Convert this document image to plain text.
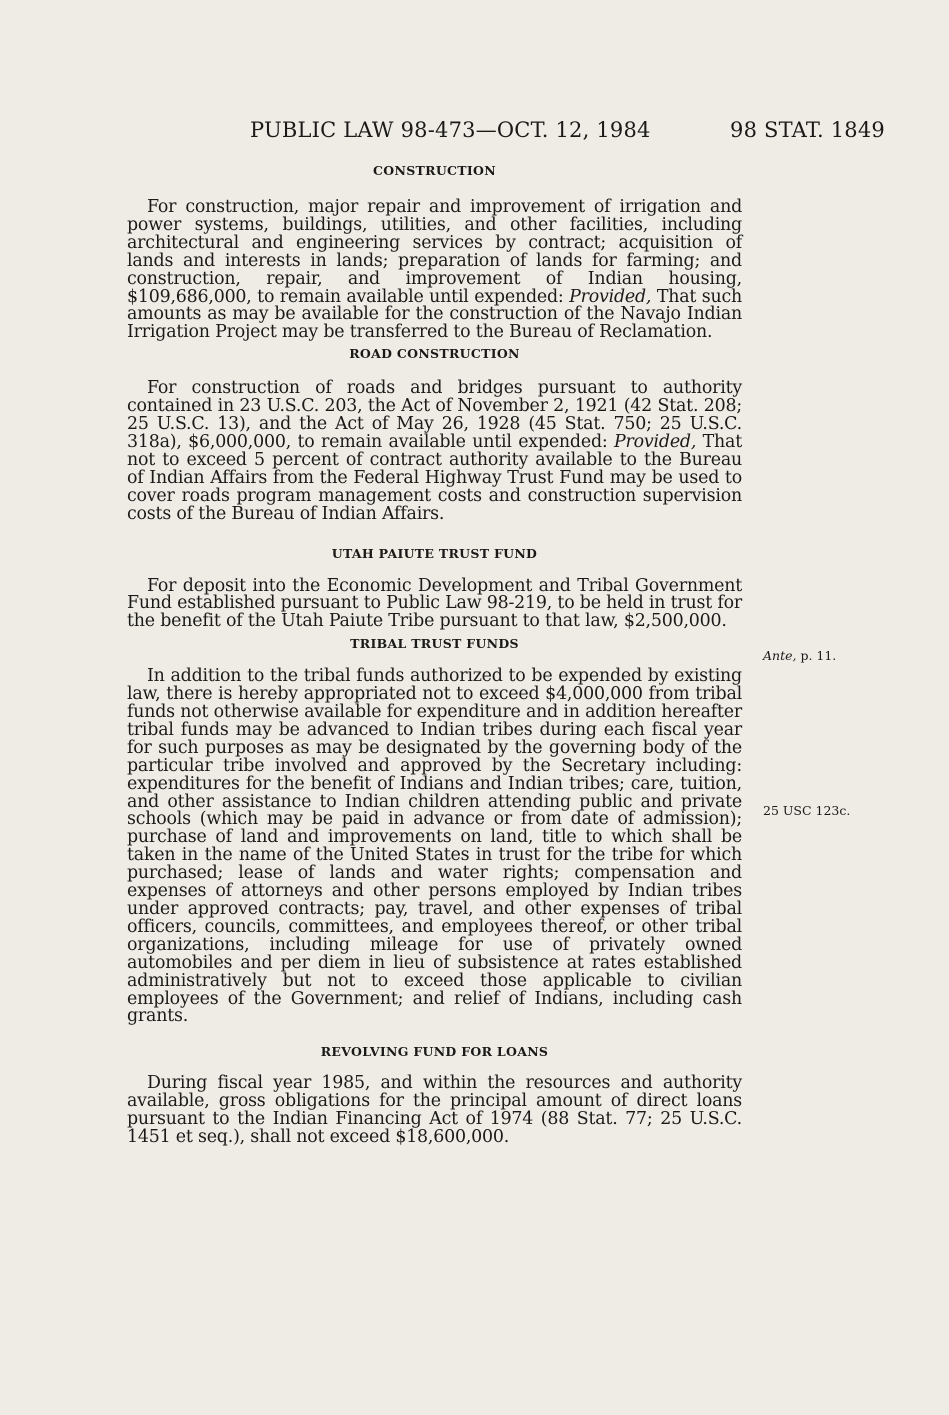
PUBLIC LAW 98-473—OCT. 12, 1984	98 STAT. 1849
CONSTRUCTION

For construction, major repair and improvement of irrigation and power systems, buildings, utilities, and other facilities, including architectural and engineering services by contract; acquisition of lands and interests in lands; preparation of lands for farming; and construction, repair, and improvement of Indian housing, $109,686,000, to remain available until expended: Provided, That such amounts as may be available for the construction of the Navajo Indian Irrigation Project may be transferred to the Bureau of Reclamation.

ROAD CONSTRUCTION

For construction of roads and bridges pursuant to authority contained in 23 U.S.C. 203, the Act of November 2, 1921 (42 Stat. 208; 25 U.S.C. 13), and the Act of May 26, 1928 (45 Stat. 750; 25 U.S.C. 318a), $6,000,000, to remain available until expended: Provided, That not to exceed 5 percent of contract authority available to the Bureau of Indian Affairs from the Federal Highway Trust Fund may be used to cover roads program management costs and construction supervision costs of the Bureau of Indian Affairs.

UTAH PAIUTE TRUST FUND

For deposit into the Economic Development and Tribal Government Fund established pursuant to Public Law 98-219, to be held in trust for the benefit of the Utah Paiute Tribe pursuant to that law, $2,500,000.

TRIBAL TRUST FUNDS

In addition to the tribal funds authorized to be expended by existing law, there is hereby appropriated not to exceed $4,000,000 from tribal funds not otherwise available for expenditure and in addition hereafter tribal funds may be advanced to Indian tribes during each fiscal year for such purposes as may be designated by the governing body of the particular tribe involved and approved by the Secretary including: expenditures for the benefit of Indians and Indian tribes; care, tuition, and other assistance to Indian children attending public and private schools (which may be paid in advance or from date of admission); purchase of land and improvements on land, title to which shall be taken in the name of the United States in trust for the tribe for which purchased; lease of lands and water rights; compensation and expenses of attorneys and other persons employed by Indian tribes under approved contracts; pay, travel, and other expenses of tribal officers, councils, committees, and employees thereof, or other tribal organizations, including mileage for use of privately owned automobiles and per diem in lieu of subsistence at rates established administratively but not to exceed those applicable to civilian employees of the Government; and relief of Indians, including cash grants.

REVOLVING FUND FOR LOANS

During fiscal year 1985, and within the resources and authority available, gross obligations for the principal amount of direct loans pursuant to the Indian Financing Act of 1974 (88 Stat. 77; 25 U.S.C. 1451 et seq.), shall not exceed $18,600,000.

Ante, p. 11.
25 USC 123c.
